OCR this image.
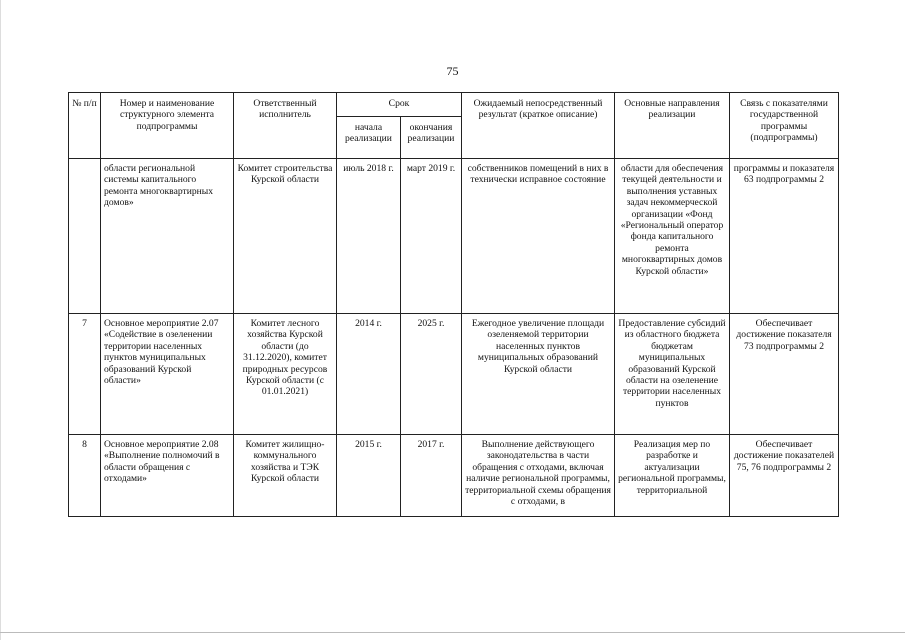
75
№ п/п	Номер и наименование структурного элемента подпрограммы	Ответственный исполнитель	Срок		Ожидаемый непосредственный результат (краткое описание)	Основные направления реализации	Связь с показателями государственной программы (подпрограммы)
			начала реализации	окончания реализации			
	области региональной системы капитального ремонта многоквартирных домов»	Комитет строительства Курской области	июль 2018 г.	март 2019 г.	собственников помещений в них в технически исправное состояние	области для обеспечения текущей деятельности и выполнения уставных задач некоммерческой организации «Фонд «Региональный оператор фонда капитального ремонта многоквартирных домов Курской области»	программы и показателя 63 подпрограммы 2
7	Основное мероприятие 2.07 «Содействие в озеленении территории населенных пунктов муниципальных образований Курской области»	Комитет лесного хозяйства Курской области (до 31.12.2020), комитет природных ресурсов Курской области (с 01.01.2021)	2014 г.	2025 г.	Ежегодное увеличение площади озеленяемой территории населенных пунктов муниципальных образований Курской области	Предоставление субсидий из областного бюджета бюджетам муниципальных образований Курской области на озеленение территории населенных пунктов	Обеспечивает достижение показателя 73 подпрограммы 2
8	Основное мероприятие 2.08 «Выполнение полномочий в области обращения с отходами»	Комитет жилищно-коммунального хозяйства и ТЭК Курской области	2015 г.	2017 г.	Выполнение действующего законодательства в части обращения с отходами, включая наличие региональной программы, территориальной схемы обращения с отходами, в	Реализация мер по разработке и актуализации региональной программы, территориальной	Обеспечивает достижение показателей 75, 76 подпрограммы 2
